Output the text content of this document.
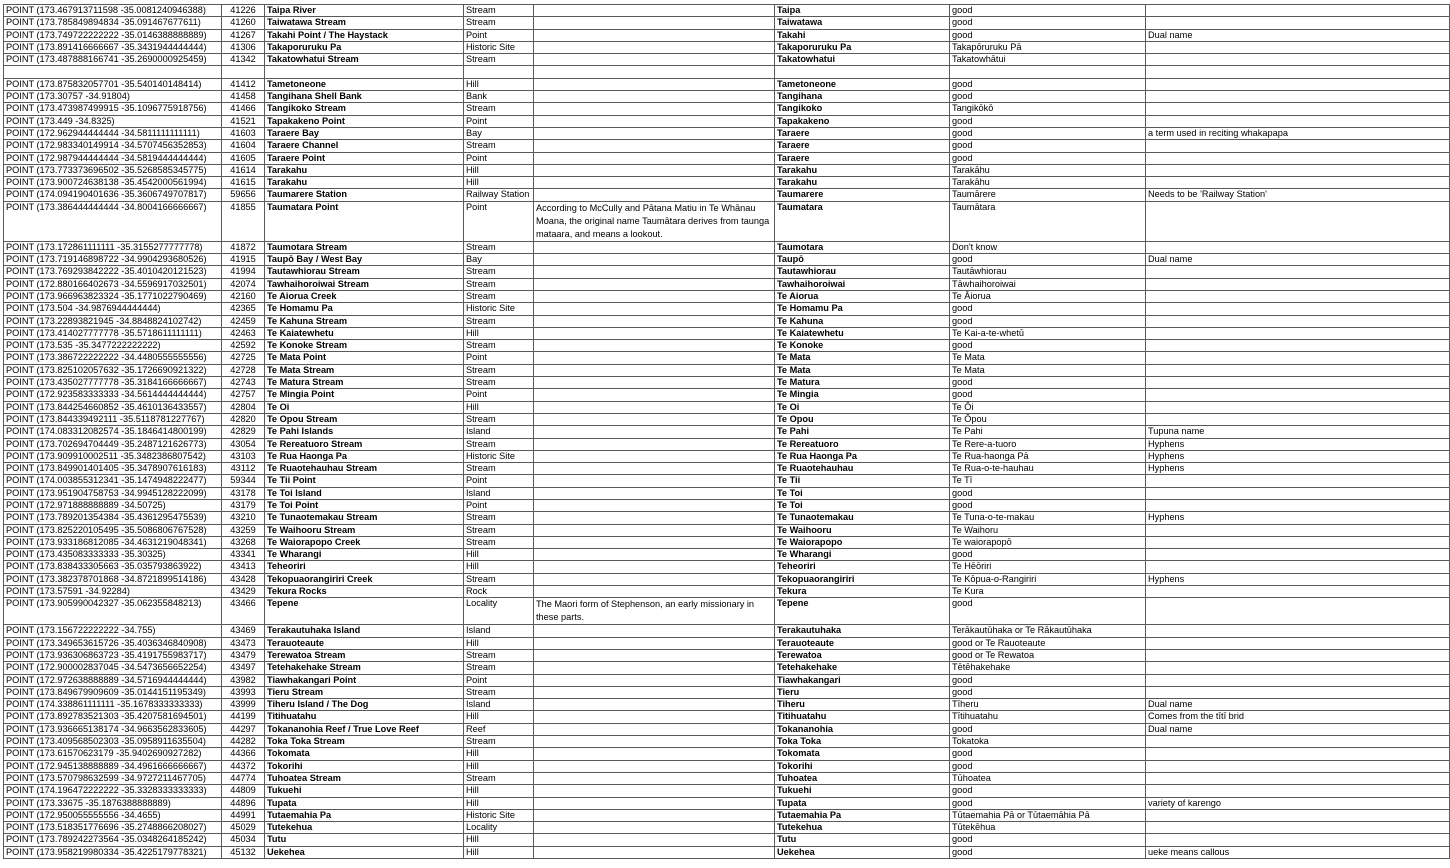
POINT (173.467913711598 -35.0081240946388)	41226	Taipa River	Stream		Taipa	good	
POINT (173.785849894834 -35.091467677611)	41260	Taiwatawa Stream	Stream		Taiwatawa	good	
POINT (173.749722222222 -35.0146388888889)	41267	Takahi Point / The Haystack	Point		Takahi	good	Dual name
POINT (173.891416666667 -35.3431944444444)	41306	Takaporuruku Pa	Historic Site		Takaporuruku Pa	Takapōruruku Pā	
POINT (173.487888166741 -35.2690000925459)	41342	Takatowhatui Stream	Stream		Takatowhatui	Takatowhātui	

POINT (173.875832057701 -35.540140148414)	41412	Tametoneone	Hill		Tametoneone	good	
POINT (173.30757 -34.91804)	41458	Tangihana Shell Bank	Bank		Tangihana	good	
POINT (173.473987499915 -35.1096775918756)	41466	Tangikoko Stream	Stream		Tangikoko	Tangikōkō	
POINT (173.449 -34.8325)	41521	Tapakakeno Point	Point		Tapakakeno	good	
POINT (172.962944444444 -34.5811111111111)	41603	Taraere Bay	Bay		Taraere	good	a term used in reciting whakapapa
POINT (172.983340149914 -34.5707456352853)	41604	Taraere Channel	Stream		Taraere	good	
POINT (172.987944444444 -34.5819444444444)	41605	Taraere Point	Point		Taraere	good	
POINT (173.773373696502 -35.5268585345775)	41614	Tarakahu	Hill		Tarakahu	Tarakāhu	
POINT (173.900724638138 -35.4542000561994)	41615	Tarakahu	Hill		Tarakahu	Tarakāhu	
POINT (174.094190401636 -35.3606749707817)	59656	Taumarere Station	Railway Station		Taumarere	Taumārere	Needs to be 'Railway Station'
POINT (173.386444444444 -34.8004166666667)	41855	Taumatara Point	Point	According to McCully and Pātana Matiu in Te Whānau Moana, the original name Taumātara derives from taunga mataara, and means a lookout.	Taumatara	Taumātara	
POINT (173.172861111111 -35.3155277777778)	41872	Taumotara Stream	Stream		Taumotara	Don't know	
POINT (173.719146898722 -34.9904293680526)	41915	Taupō Bay / West Bay	Bay		Taupō	good	Dual name
POINT (173.769293842222 -35.4010420121523)	41994	Tautawhiorau Stream	Stream		Tautawhiorau	Tautāwhiorau	
POINT (172.880166402673 -34.5596917032501)	42074	Tawhaihoroiwai Stream	Stream		Tawhaihoroiwai	Tāwhaihoroiwai	
POINT (173.966963823324 -35.1771022790469)	42160	Te Aiorua Creek	Stream		Te Aiorua	Te Āiorua	
POINT (173.504 -34.9876944444444)	42365	Te Homamu Pa	Historic Site		Te Homamu Pa	good	
POINT (173.22893821945 -34.8848824102742)	42459	Te Kahuna Stream	Stream		Te Kahuna	good	
POINT (173.414027777778 -35.5718611111111)	42463	Te Kaiatewhetu	Hill		Te Kaiatewhetu	Te Kai-a-te-whetū	
POINT (173.535 -35.3477222222222)	42592	Te Konoke Stream	Stream		Te Konoke	good	
POINT (173.386722222222 -34.4480555555556)	42725	Te Mata Point	Point		Te Mata	Te Mata	
POINT (173.825102057632 -35.1726690921322)	42728	Te Mata Stream	Stream		Te Mata	Te Mata	
POINT (173.435027777778 -35.3184166666667)	42743	Te Matura Stream	Stream		Te Matura	good	
POINT (172.923583333333 -34.5614444444444)	42757	Te Mingia Point	Point		Te Mingia	good	
POINT (173.844254660852 -35.4610136433557)	42804	Te Oi	Hill		Te Oi	Te Ōi	
POINT (173.844339492111 -35.5118781227767)	42820	Te Opou Stream	Stream		Te Opou	Te Ōpou	
POINT (174.083312082574 -35.1846414800199)	42829	Te Pahi Islands	Island		Te Pahi	Te Pahi	Tupuna name
POINT (173.702694704449 -35.2487121626773)	43054	Te Rereatuoro Stream	Stream		Te Rereatuoro	Te Rere-a-tuoro	Hyphens
POINT (173.909910002511 -35.3482386807542)	43103	Te Rua Haonga Pa	Historic Site		Te Rua Haonga Pa	Te Rua-haonga Pā	Hyphens
POINT (173.849901401405 -35.3478907616183)	43112	Te Ruaotehauhau Stream	Stream		Te Ruaotehauhau	Te Rua-o-te-hauhau	Hyphens
POINT (174.003855312341 -35.1474948222477)	59344	Te Tii Point	Point		Te Tii	Te Tī	
POINT (173.951904758753 -34.9945128222099)	43178	Te Toi Island	Island		Te Toi	good	
POINT (172.971888888889 -34.50725)	43179	Te Toi Point	Point		Te Toi	good	
POINT (173.789201354384 -35.4361295475539)	43210	Te Tunaotemakau Stream	Stream		Te Tunaotemakau	Te Tuna-o-te-makau	Hyphens
POINT (173.825220105495 -35.5086806767528)	43259	Te Waihooru Stream	Stream		Te Waihooru	Te Waihoru	
POINT (173.933186812085 -34.4631219048341)	43268	Te Waiorapopo Creek	Stream		Te Waiorapopo	Te waiorapopō	
POINT (173.435083333333 -35.30325)	43341	Te Wharangi	Hill		Te Wharangi	good	
POINT (173.838433305663 -35.035793863922)	43413	Teheoriri	Hill		Teheoriri	Te Hēōriri	
POINT (173.382378701868 -34.8721899514186)	43428	Tekopuaorangiriri Creek	Stream		Tekopuaorangiriri	Te Kōpua-o-Rangiriri	Hyphens
POINT (173.57591 -34.92284)	43429	Tekura Rocks	Rock		Tekura	Te Kura	
POINT (173.905990042327 -35.062355848213)	43466	Tepene	Locality	The Maori form of Stephenson, an early missionary in these parts.	Tepene	good	
POINT (173.156722222222 -34.755)	43469	Terakautuhaka Island	Island		Terakautuhaka	Terākautūhaka or Te Rākautūhaka	
POINT (173.349653615726 -35.4036346840908)	43473	Terauoteaute	Hill		Terauoteaute	good or Te Rauoteaute	
POINT (173.936306863723 -35.4191755983717)	43479	Terewatoa Stream	Stream		Terewatoa	good or Te Rewatoa	
POINT (172.900002837045 -34.5473656652254)	43497	Tetehakehake Stream	Stream		Tetehakehake	Tētēhakehake	
POINT (172.972638888889 -34.5716944444444)	43982	Tiawhakangari Point	Point		Tiawhakangari	good	
POINT (173.849679909609 -35.0144151195349)	43993	Tieru Stream	Stream		Tieru	good	
POINT (174.338861111111 -35.1678333333333)	43999	Tiheru Island / The Dog	Island		Tiheru	Tīheru	Dual name
POINT (173.892783521303 -35.4207581694501)	44199	Titihuatahu	Hill		Titihuatahu	Tītihuatahu	Comes from the tītī brid
POINT (173.936665138174 -34.9663562833605)	44297	Tokananohia Reef / True Love Reef	Reef		Tokananohia	good	Dual name
POINT (173.409568502303 -35.0958911635504)	44282	Toka Toka Stream	Stream		Toka Toka	Tokatoka	
POINT (173.61570623179 -35.9402690927282)	44366	Tokomata	Hill		Tokomata	good	
POINT (172.945138888889 -34.4961666666667)	44372	Tokorihi	Hill		Tokorihi	good	
POINT (173.570798632599 -34.9727211467705)	44774	Tuhoatea Stream	Stream		Tuhoatea	Tūhoatea	
POINT (174.196472222222 -35.3328333333333)	44809	Tukuehi	Hill		Tukuehi	good	
POINT (173.33675 -35.1876388888889)	44896	Tupata	Hill		Tupata	good	variety of karengo
POINT (172.950055555556 -34.4655)	44991	Tutaemahia Pa	Historic Site		Tutaemahia Pa	Tūtaemahia Pā or Tūtaemāhia Pā	
POINT (173.518351776696 -35.2748866208027)	45029	Tutekehua	Locality		Tutekehua	Tūtekēhua	
POINT (173.789242273564 -35.0348264185242)	45034	Tutu	Hill		Tutu	good	
POINT (173.958219980334 -35.4225179778321)	45132	Uekehea	Hill		Uekehea	good	ueke means callous
